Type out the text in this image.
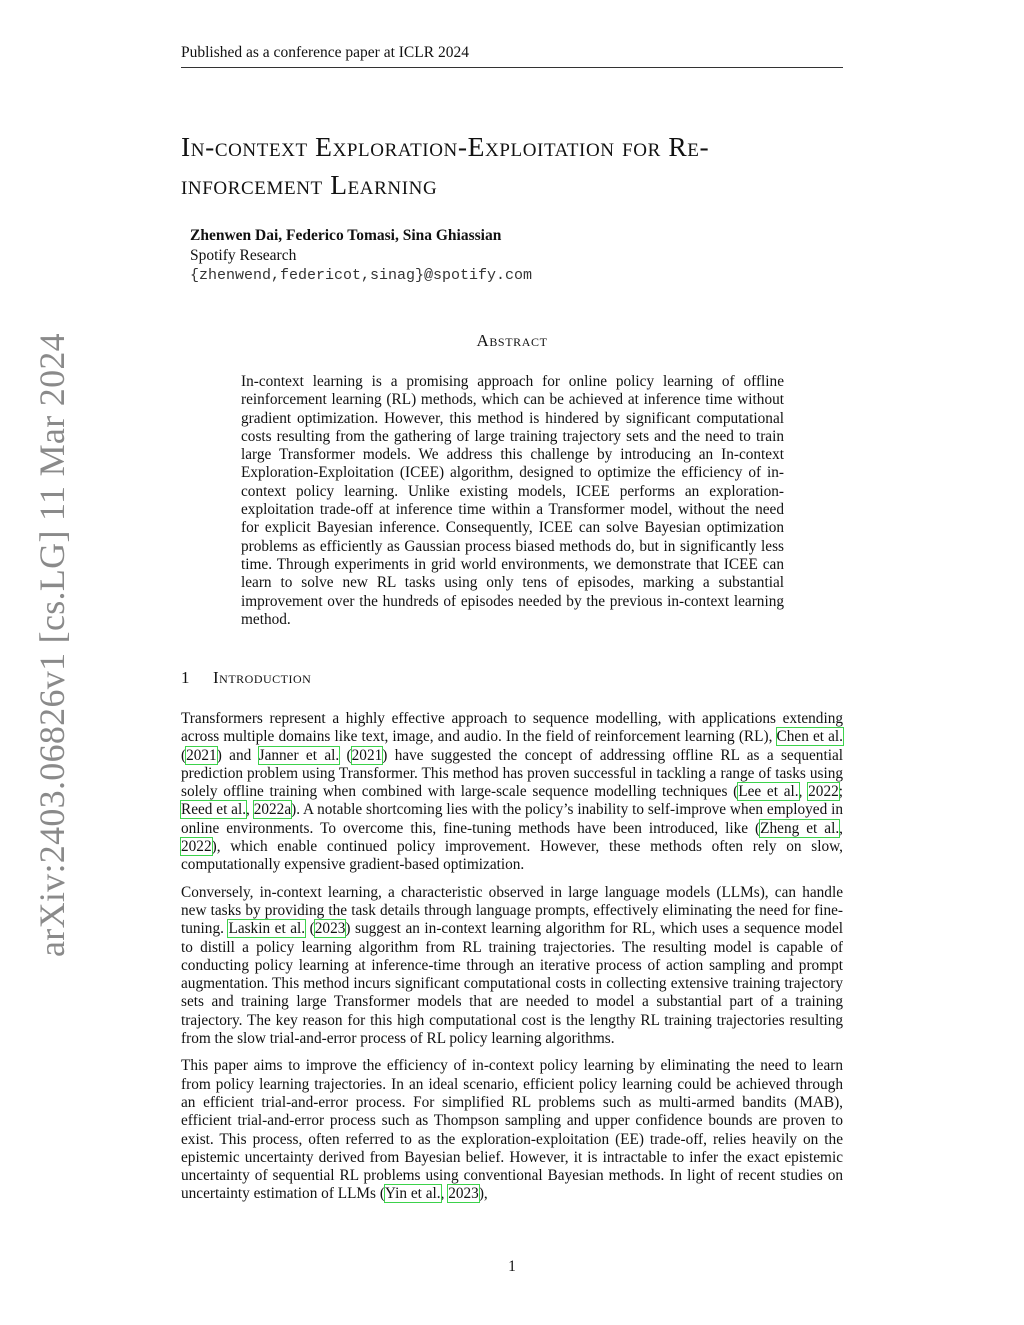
Published as a conference paper at ICLR 2024
arXiv:2403.06826v1 [cs.LG] 11 Mar 2024
In-context Exploration-Exploitation for Re-
inforcement Learning
Zhenwen Dai, Federico Tomasi, Sina Ghiassian
Spotify Research
{zhenwend,federicot,sinag}@spotify.com
Abstract
In-context learning is a promising approach for online policy learning of offline reinforcement learning (RL) methods, which can be achieved at inference time without gradient optimization. However, this method is hindered by significant computational costs resulting from the gathering of large training trajectory sets and the need to train large Transformer models. We address this challenge by introducing an In-context Exploration-Exploitation (ICEE) algorithm, designed to optimize the efficiency of in-context policy learning. Unlike existing models, ICEE performs an exploration-exploitation trade-off at inference time within a Transformer model, without the need for explicit Bayesian inference. Consequently, ICEE can solve Bayesian optimization problems as efficiently as Gaussian process biased methods do, but in significantly less time. Through experiments in grid world environments, we demonstrate that ICEE can learn to solve new RL tasks using only tens of episodes, marking a substantial improvement over the hundreds of episodes needed by the previous in-context learning method.
1 Introduction

Transformers represent a highly effective approach to sequence modelling, with applications extending across multiple domains like text, image, and audio. In the field of reinforcement learning (RL), Chen et al. (2021) and Janner et al. (2021) have suggested the concept of addressing offline RL as a sequential prediction problem using Transformer. This method has proven successful in tackling a range of tasks using solely offline training when combined with large-scale sequence modelling techniques (Lee et al., 2022; Reed et al., 2022a). A notable shortcoming lies with the policy’s inability to self-improve when employed in online environments. To overcome this, fine-tuning methods have been introduced, like (Zheng et al., 2022), which enable continued policy improvement. However, these methods often rely on slow, computationally expensive gradient-based optimization.

Conversely, in-context learning, a characteristic observed in large language models (LLMs), can handle new tasks by providing the task details through language prompts, effectively eliminating the need for fine-tuning. Laskin et al. (2023) suggest an in-context learning algorithm for RL, which uses a sequence model to distill a policy learning algorithm from RL training trajectories. The resulting model is capable of conducting policy learning at inference-time through an iterative process of action sampling and prompt augmentation. This method incurs significant computational costs in collecting extensive training trajectory sets and training large Transformer models that are needed to model a substantial part of a training trajectory. The key reason for this high computational cost is the lengthy RL training trajectories resulting from the slow trial-and-error process of RL policy learning algorithms.

This paper aims to improve the efficiency of in-context policy learning by eliminating the need to learn from policy learning trajectories. In an ideal scenario, efficient policy learning could be achieved through an efficient trial-and-error process. For simplified RL problems such as multi-armed bandits (MAB), efficient trial-and-error process such as Thompson sampling and upper confidence bounds are proven to exist. This process, often referred to as the exploration-exploitation (EE) trade-off, relies heavily on the epistemic uncertainty derived from Bayesian belief. However, it is intractable to infer the exact epistemic uncertainty of sequential RL problems using conventional Bayesian methods. In light of recent studies on uncertainty estimation of LLMs (Yin et al., 2023),

1
